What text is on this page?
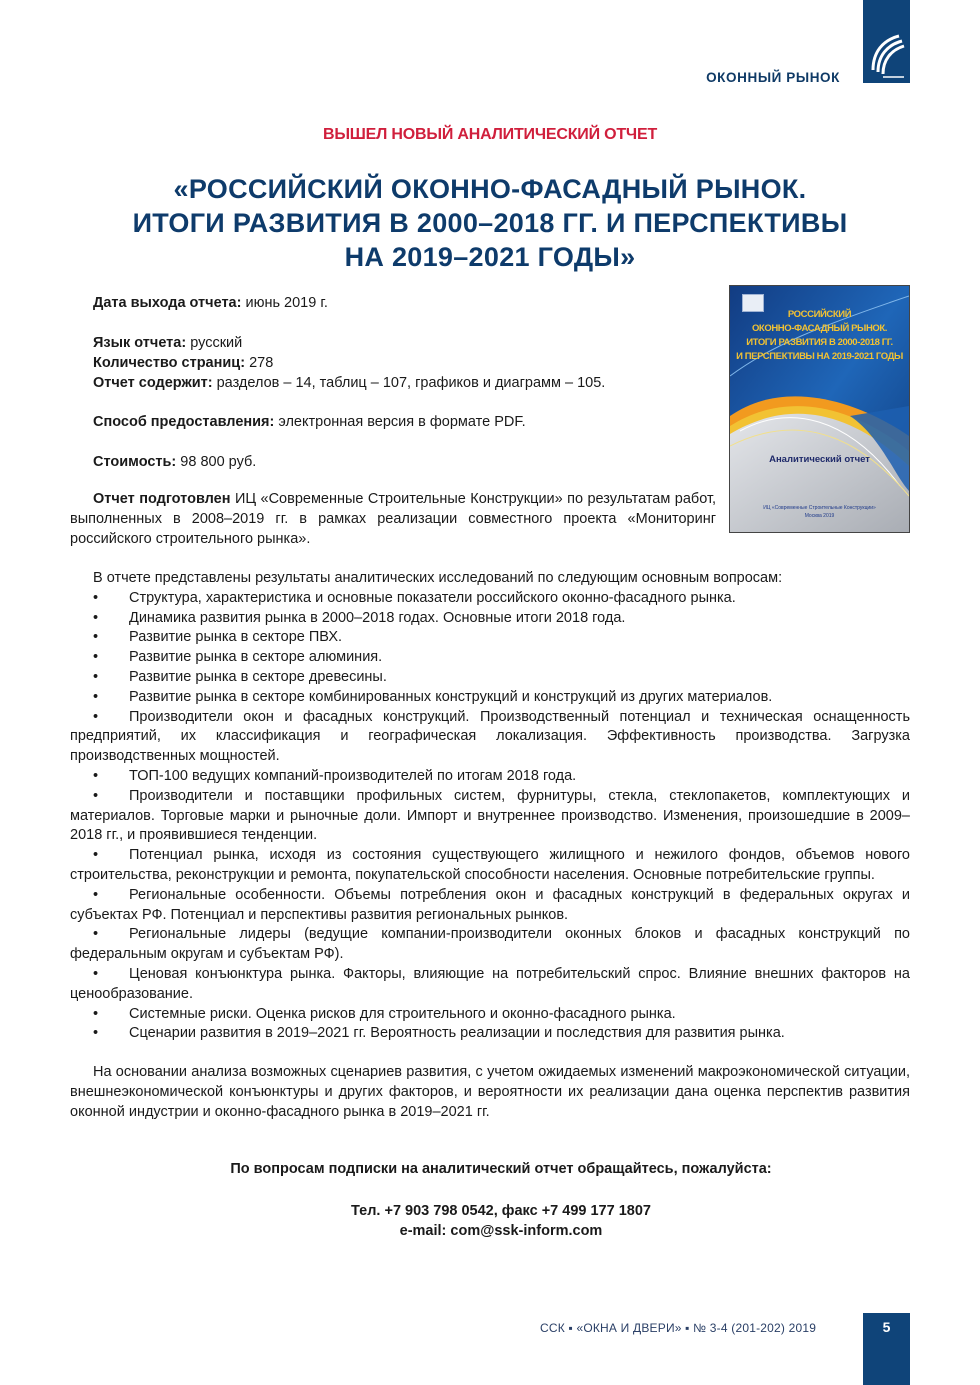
ОКОННЫЙ РЫНОК
ВЫШЕЛ НОВЫЙ АНАЛИТИЧЕСКИЙ ОТЧЕТ
«РОССИЙСКИЙ ОКОННО-ФАСАДНЫЙ РЫНОК.
ИТОГИ РАЗВИТИЯ В 2000–2018 ГГ. И ПЕРСПЕКТИВЫ
НА 2019–2021 ГОДЫ»
РОССИЙСКИЙ
ОКОННО-ФАСАДНЫЙ РЫНОК.
ИТОГИ РАЗВИТИЯ В 2000-2018 ГГ.
И ПЕРСПЕКТИВЫ НА 2019-2021 ГОДЫ
Аналитический отчет
ИЦ «Современные Строительные Конструкции»
Москва 2019

Дата выхода отчета: июнь 2019 г.

Язык отчета: русский

Количество страниц: 278

Отчет содержит: разделов – 14, таблиц – 107, графиков и диаграмм – 105.

Способ предоставления: электронная версия в формате PDF.

Стоимость: 98 800 руб.

Отчет подготовлен ИЦ «Современные Строительные Конструкции» по результатам работ, выполненных в 2008–2019 гг. в рамках реализации совместного проекта «Мониторинг российского строительного рынка».

В отчете представлены результаты аналитических исследований по следующим основным вопросам:

• Структура, характеристика и основные показатели российского оконно-фасадного рынка.
• Динамика развития рынка в 2000–2018 годах. Основные итоги 2018 года.
• Развитие рынка в секторе ПВХ.
• Развитие рынка в секторе алюминия.
• Развитие рынка в секторе древесины.
• Развитие рынка в секторе комбинированных конструкций и конструкций из других материалов.
• Производители окон и фасадных конструкций. Производственный потенциал и техническая оснащенность предприятий, их классификация и географическая локализация. Эффективность производства. Загрузка производственных мощностей.
• ТОП-100 ведущих компаний-производителей по итогам 2018 года.
• Производители и поставщики профильных систем, фурнитуры, стекла, стеклопакетов, комплектующих и материалов. Торговые марки и рыночные доли. Импорт и внутреннее производство. Изменения, произошедшие в 2009–2018 гг., и проявившиеся тенденции.
• Потенциал рынка, исходя из состояния существующего жилищного и нежилого фондов, объемов нового строительства, реконструкции и ремонта, покупательской способности населения. Основные потребительские группы.
• Региональные особенности. Объемы потребления окон и фасадных конструкций в федеральных округах и субъектах РФ. Потенциал и перспективы развития региональных рынков.
• Региональные лидеры (ведущие компании-производители оконных блоков и фасадных конструкций по федеральным округам и субъектам РФ).
• Ценовая конъюнктура рынка. Факторы, влияющие на потребительский спрос. Влияние внешних факторов на ценообразование.
• Системные риски. Оценка рисков для строительного и оконно-фасадного рынка.
• Сценарии развития в 2019–2021 гг. Вероятность реализации и последствия для развития рынка.

На основании анализа возможных сценариев развития, с учетом ожидаемых изменений макроэкономической ситуации, внешнеэкономической конъюнктуры и других факторов, и вероятности их реализации дана оценка перспектив развития оконной индустрии и оконно-фасадного рынка в 2019–2021 гг.

По вопросам подписки на аналитический отчет обращайтесь, пожалуйста:
Тел. +7 903 798 0542, факс +7 499 177 1807
e-mail: com@ssk-inform.com
ССК ▪ «ОКНА И ДВЕРИ» ▪ № 3-4 (201-202) 2019	5
